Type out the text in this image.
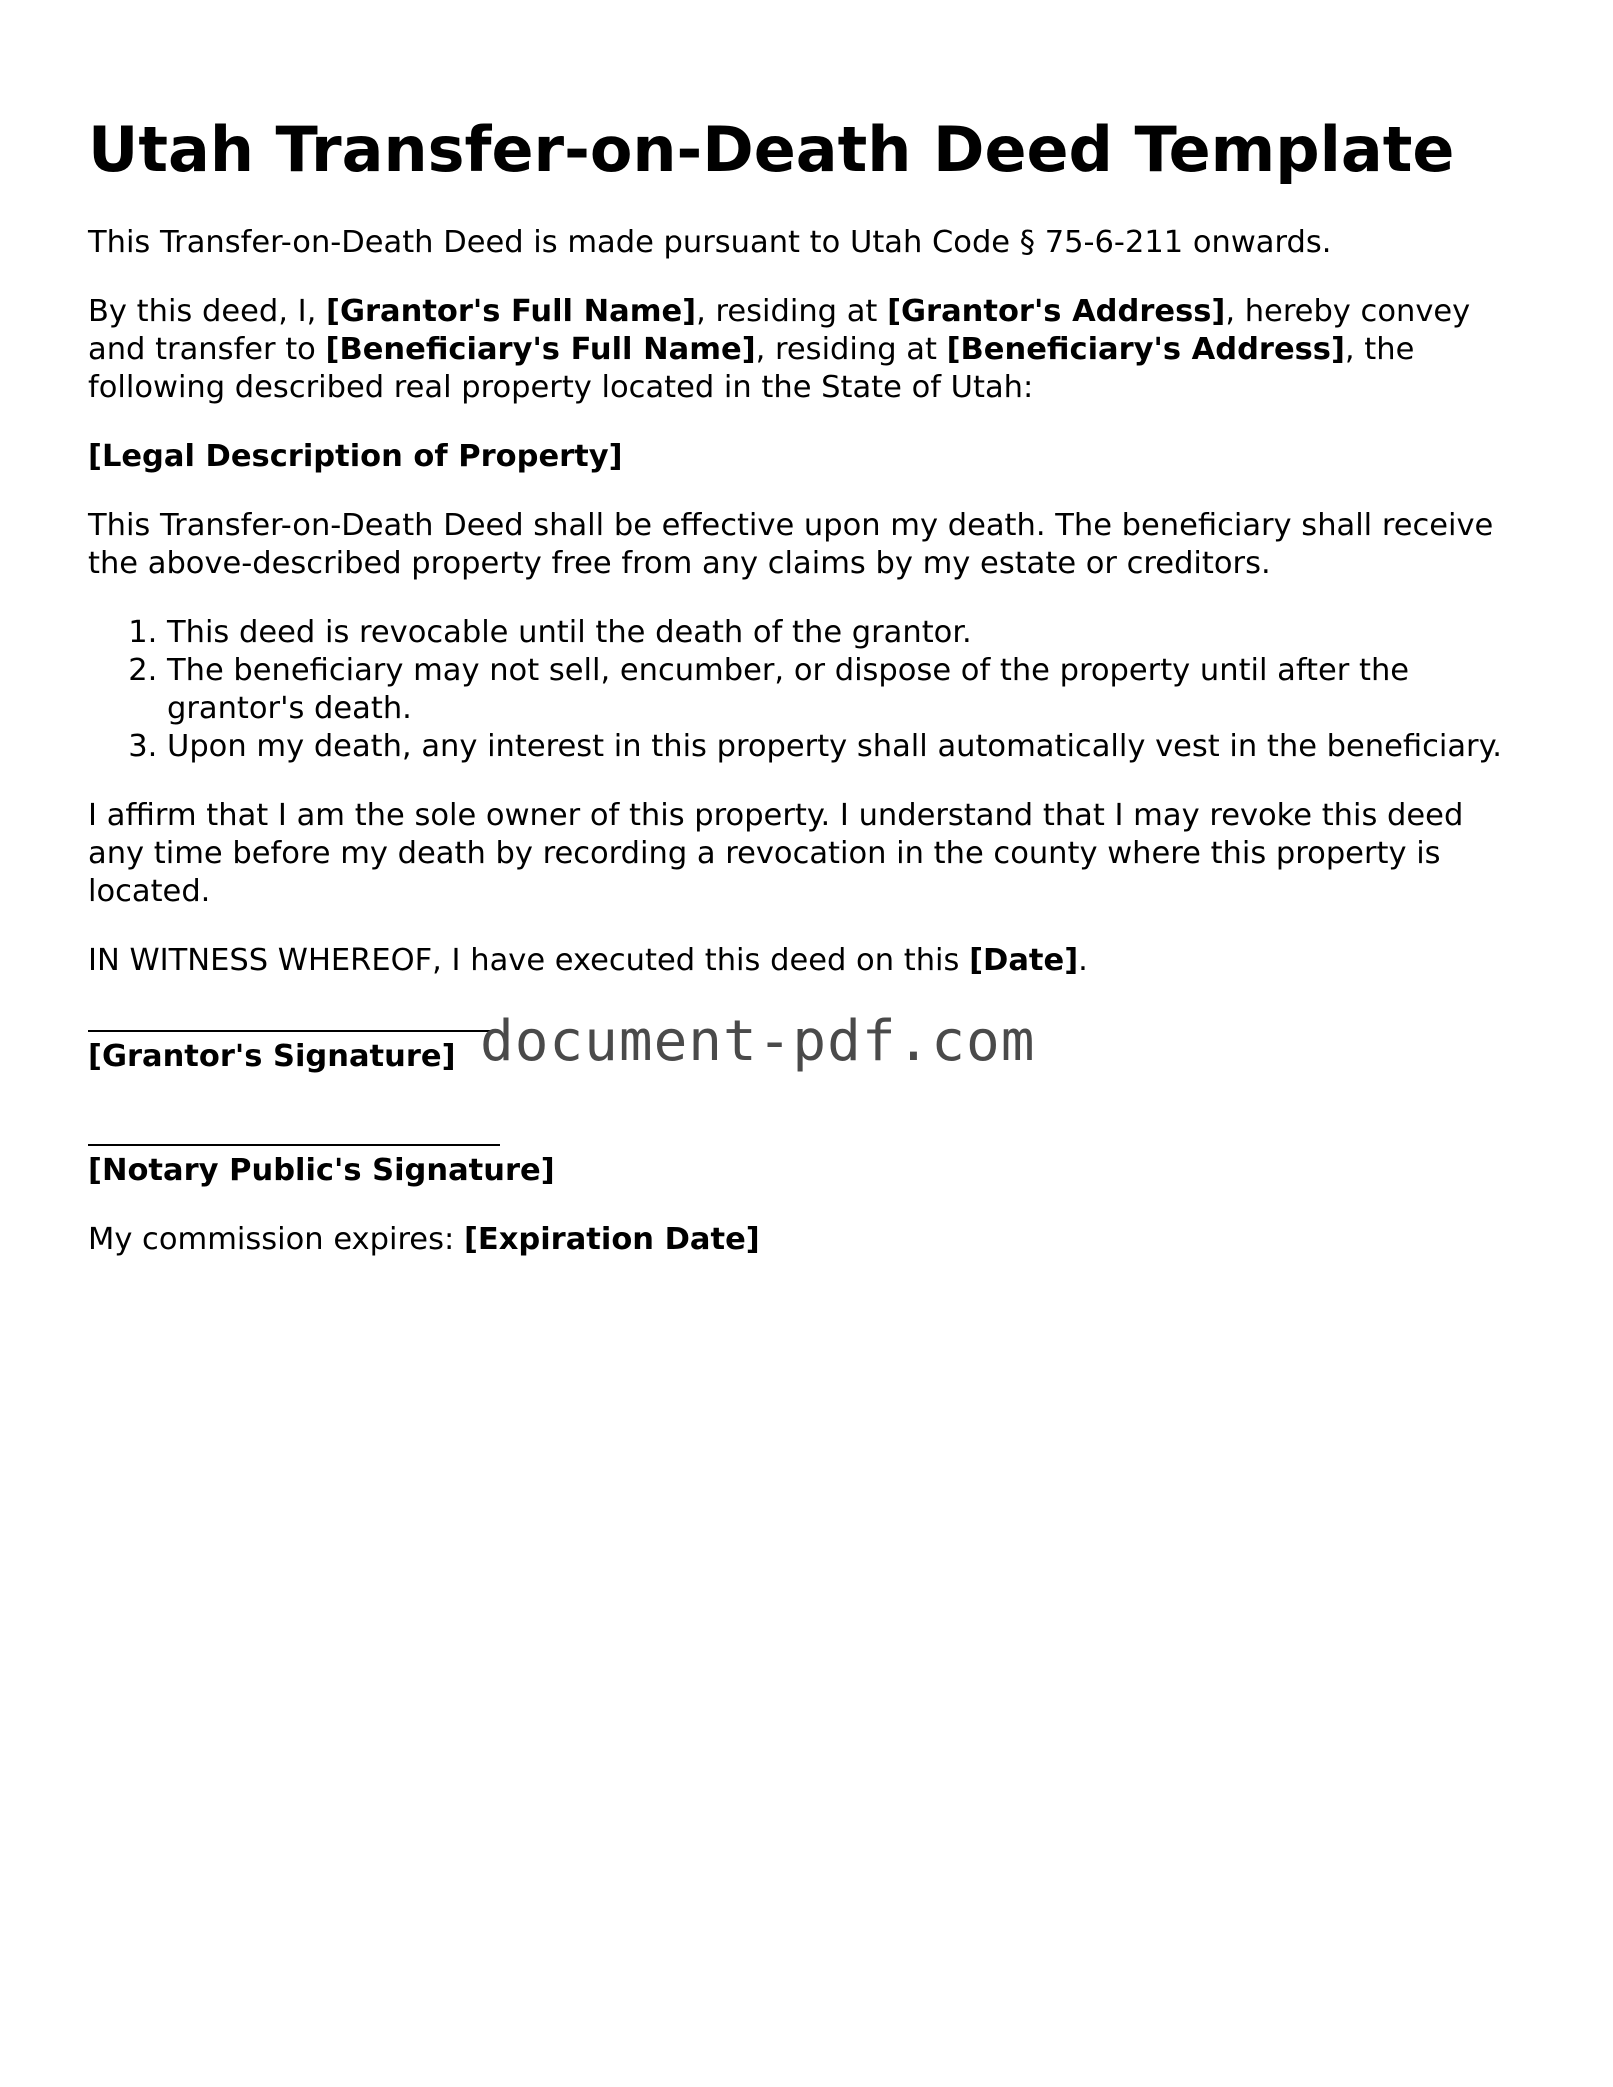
Utah Transfer-on-Death Deed Template

This Transfer-on-Death Deed is made pursuant to Utah Code § 75-6-211 onwards.

By this deed, I, [Grantor's Full Name], residing at [Grantor's Address], hereby convey and transfer to [Beneficiary's Full Name], residing at [Beneficiary's Address], the following described real property located in the State of Utah:

[Legal Description of Property]

This Transfer-on-Death Deed shall be effective upon my death. The beneficiary shall receive the above-described property free from any claims by my estate or creditors.

1. This deed is revocable until the death of the grantor.
2. The beneficiary may not sell, encumber, or dispose of the property until after the grantor's death.
3. Upon my death, any interest in this property shall automatically vest in the beneficiary.

I affirm that I am the sole owner of this property. I understand that I may revoke this deed any time before my death by recording a revocation in the county where this property is located.

IN WITNESS WHEREOF, I have executed this deed on this [Date].

[Grantor's Signature]
[Notary Public's Signature]

My commission expires: [Expiration Date]

document-pdf.com
